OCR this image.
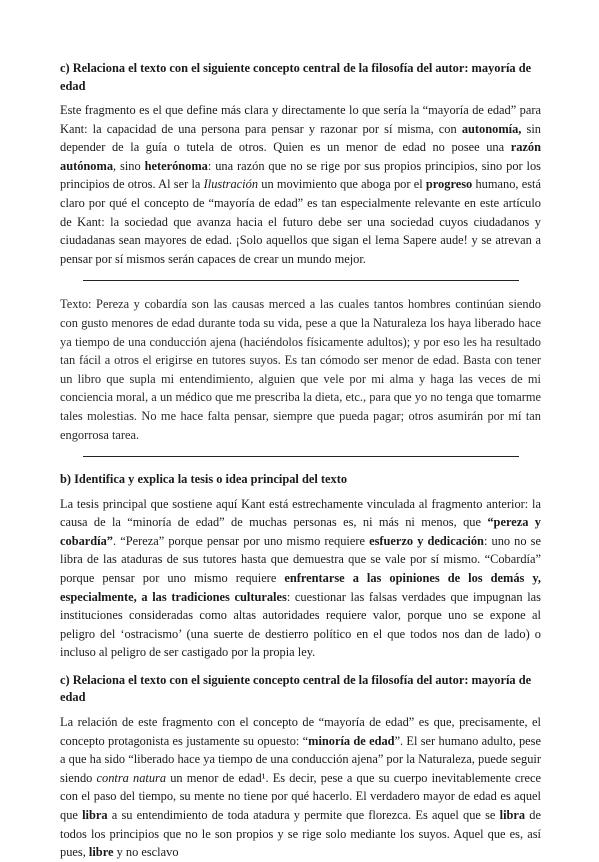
c) Relaciona el texto con el siguiente concepto central de la filosofía del autor: mayoría de edad

Este fragmento es el que define más clara y directamente lo que sería la “mayoría de edad” para Kant: la capacidad de una persona para pensar y razonar por sí misma, con autonomía, sin depender de la guía o tutela de otros. Quien es un menor de edad no posee una razón autónoma, sino heterónoma: una razón que no se rige por sus propios principios, sino por los principios de otros. Al ser la Ilustración un movimiento que aboga por el progreso humano, está claro por qué el concepto de “mayoría de edad” es tan especialmente relevante en este artículo de Kant: la sociedad que avanza hacia el futuro debe ser una sociedad cuyos ciudadanos y ciudadanas sean mayores de edad. ¡Solo aquellos que sigan el lema Sapere aude! y se atrevan a pensar por sí mismos serán capaces de crear un mundo mejor.

Texto: Pereza y cobardía son las causas merced a las cuales tantos hombres continúan siendo con gusto menores de edad durante toda su vida, pese a que la Naturaleza los haya liberado hace ya tiempo de una conducción ajena (haciéndolos físicamente adultos); y por eso les ha resultado tan fácil a otros el erigirse en tutores suyos. Es tan cómodo ser menor de edad. Basta con tener un libro que supla mi entendimiento, alguien que vele por mi alma y haga las veces de mi conciencia moral, a un médico que me prescriba la dieta, etc., para que yo no tenga que tomarme tales molestias. No me hace falta pensar, siempre que pueda pagar; otros asumirán por mí tan engorrosa tarea.

b) Identifica y explica la tesis o idea principal del texto

La tesis principal que sostiene aquí Kant está estrechamente vinculada al fragmento anterior: la causa de la “minoría de edad” de muchas personas es, ni más ni menos, que “pereza y cobardía”. “Pereza” porque pensar por uno mismo requiere esfuerzo y dedicación: uno no se libra de las ataduras de sus tutores hasta que demuestra que se vale por sí mismo. “Cobardía” porque pensar por uno mismo requiere enfrentarse a las opiniones de los demás y, especialmente, a las tradiciones culturales: cuestionar las falsas verdades que impugnan las instituciones consideradas como altas autoridades requiere valor, porque uno se expone al peligro del ‘ostracismo’ (una suerte de destierro político en el que todos nos dan de lado) o incluso al peligro de ser castigado por la propia ley.

c) Relaciona el texto con el siguiente concepto central de la filosofía del autor: mayoría de edad

La relación de este fragmento con el concepto de “mayoría de edad” es que, precisamente, el concepto protagonista es justamente su opuesto: “minoría de edad”. El ser humano adulto, pese a que ha sido “liberado hace ya tiempo de una conducción ajena” por la Naturaleza, puede seguir siendo contra natura un menor de edad¹. Es decir, pese a que su cuerpo inevitablemente crece con el paso del tiempo, su mente no tiene por qué hacerlo. El verdadero mayor de edad es aquel que libra a su entendimiento de toda atadura y permite que florezca. Es aquel que se libra de todos los principios que no le son propios y se rige solo mediante los suyos. Aquel que es, así pues, libre y no esclavo
